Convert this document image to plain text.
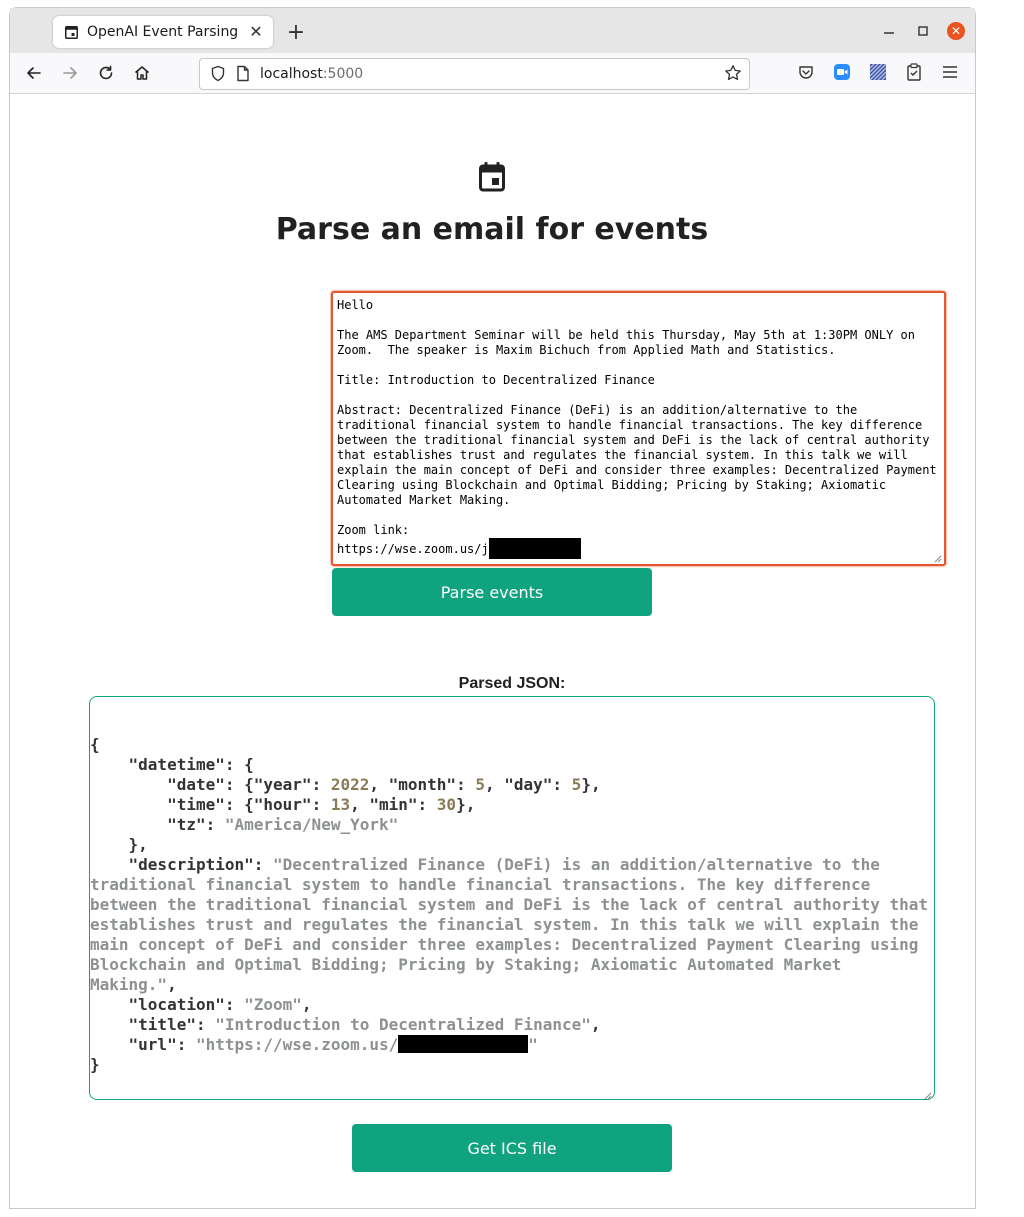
OpenAI Event Parsing ✕ +	✕
localhost:5000
Parse an email for events
Hello

The AMS Department Seminar will be held this Thursday, May 5th at 1:30PM ONLY on
Zoom.  The speaker is Maxim Bichuch from Applied Math and Statistics.

Title: Introduction to Decentralized Finance

Abstract: Decentralized Finance (DeFi) is an addition/alternative to the
traditional financial system to handle financial transactions. The key difference
between the traditional financial system and DeFi is the lack of central authority
that establishes trust and regulates the financial system. In this talk we will
explain the main concept of DeFi and consider three examples: Decentralized Payment
Clearing using Blockchain and Optimal Bidding; Pricing by Staking; Axiomatic
Automated Market Making.

Zoom link:
https://wse.zoom.us/j
Parse events
Parsed JSON:
{
"datetime": {
"date": {"year": 2022, "month": 5, "day": 5},
"time": {"hour": 13, "min": 30},
"tz": "America/New_York"
},
"description": "Decentralized Finance (DeFi) is an addition/alternative to the traditional financial system to handle financial transactions. The key difference between the traditional financial system and DeFi is the lack of central authority that establishes trust and regulates the financial system. In this talk we will explain the main concept of DeFi and consider three examples: Decentralized Payment Clearing using Blockchain and Optimal Bidding; Pricing by Staking; Axiomatic Automated Market Making.",
"location": "Zoom",
"title": "Introduction to Decentralized Finance",
"url": "https://wse.zoom.us/	"
}
Get ICS file
